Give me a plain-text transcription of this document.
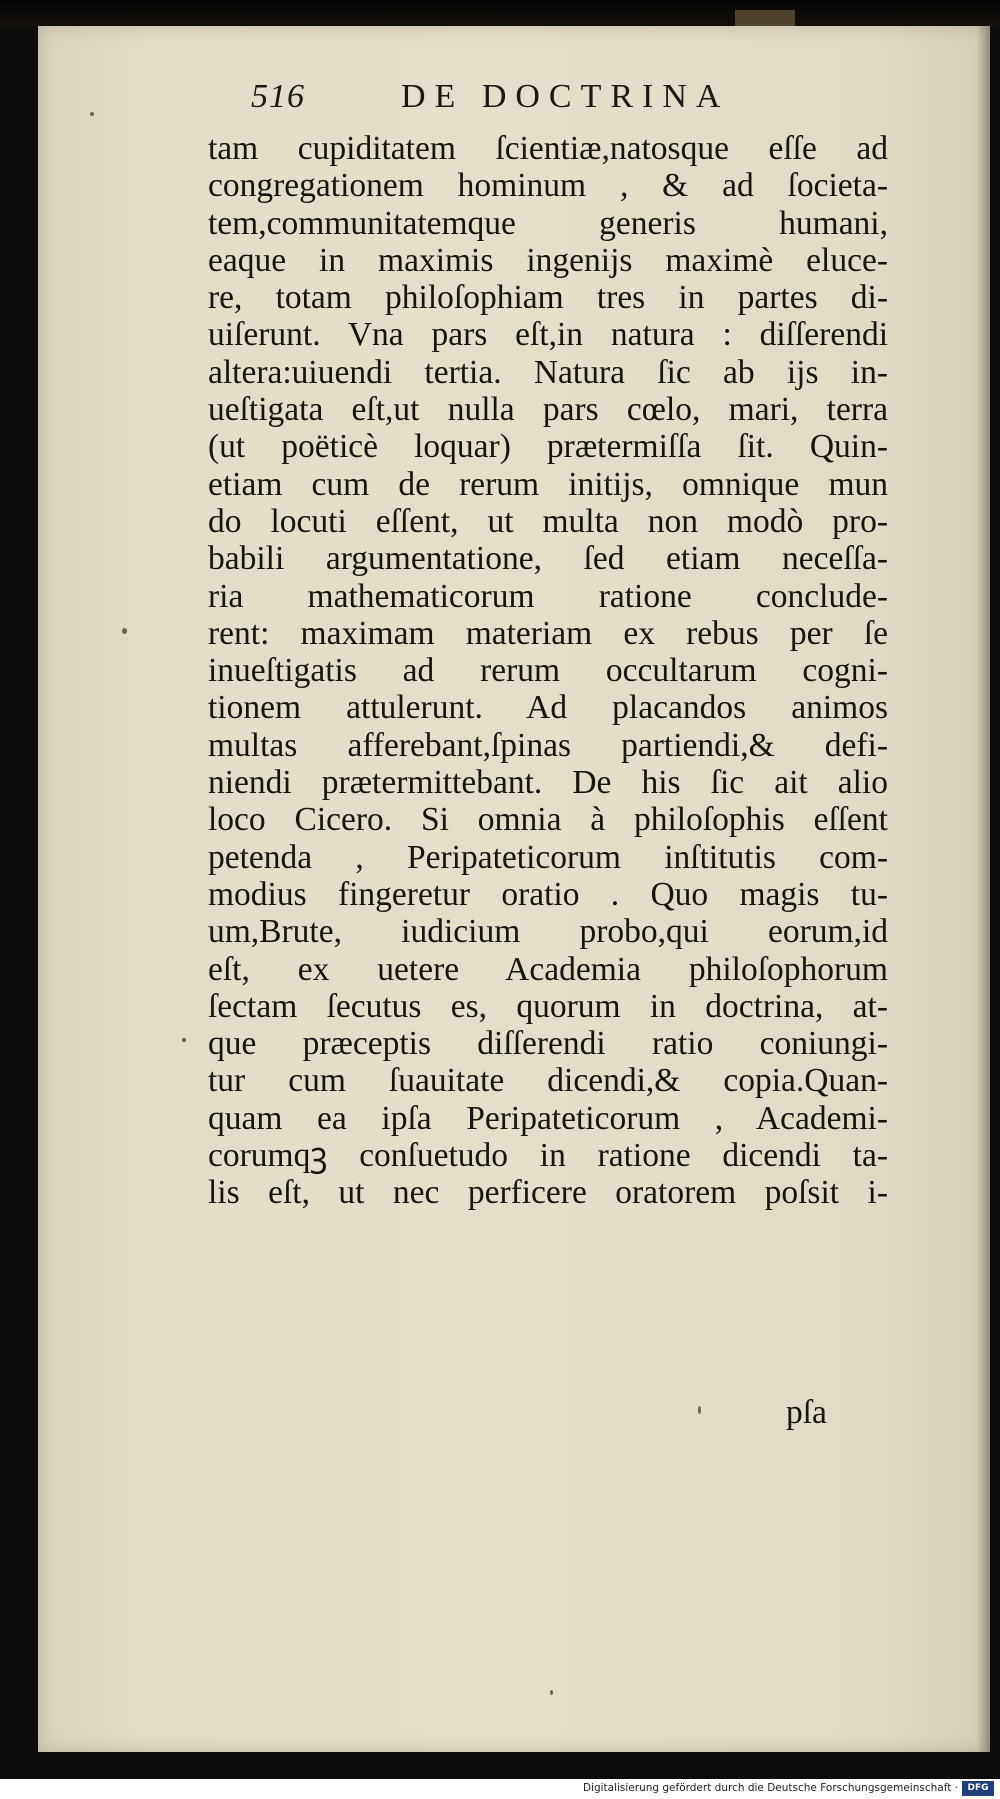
516	DE DOCTRINA
tam cupiditatem ſcientiæ,natosquе eſſe ad
congregationem hominum , & ad ſocieta-
tem,communitatemquе generis humani,
eaquе in maximis ingenijs maximè eluce-
re, totam philoſophiam tres in partes di-
uiſerunt. Vna pars eſt,in natura : diſſerendi
altera:uiuendi tertia. Natura ſic ab ijs in-
ueſtigata eſt,ut nulla pars cœlo, mari, terra
(ut poëticè loquar) prætermiſſa ſit. Quin-
etiam cum de rerum initijs, omniquе mun
do locuti eſſent, ut multa non modò pro-
babili argumentatione, ſed etiam neceſſa-
ria mathematicorum ratione conclude-
rent: maximam materiam ex rebus per ſe
inueſtigatis ad rerum occultarum cogni-
tionem attulerunt. Ad placandos animos
multas afferebant,ſpinas partiendi,& defi-
niendi prætermittebant. De his ſic ait alio
loco Cicero. Si omnia à philoſophis eſſent
petenda , Peripateticorum inſtitutis com-
modius fingeretur oratio . Quo magis tu-
um,Brute, iudicium probo,qui eorum,id
eſt, ex uetere Academia philoſophorum
ſectam ſecutus es, quorum in doctrina, at-
que præceptis diſſerendi ratio coniungi-
tur cum ſuauitate dicendi,& copia.Quan-
quam ea ipſa Peripateticorum , Academi-
corumqꝫ conſuetudo in ratione dicendi ta-
lis eſt, ut nec perficere oratorem poſsit i-
pſa
Digitalisierung gefördert durch die Deutsche Forschungsgemeinschaft ·	DFG
